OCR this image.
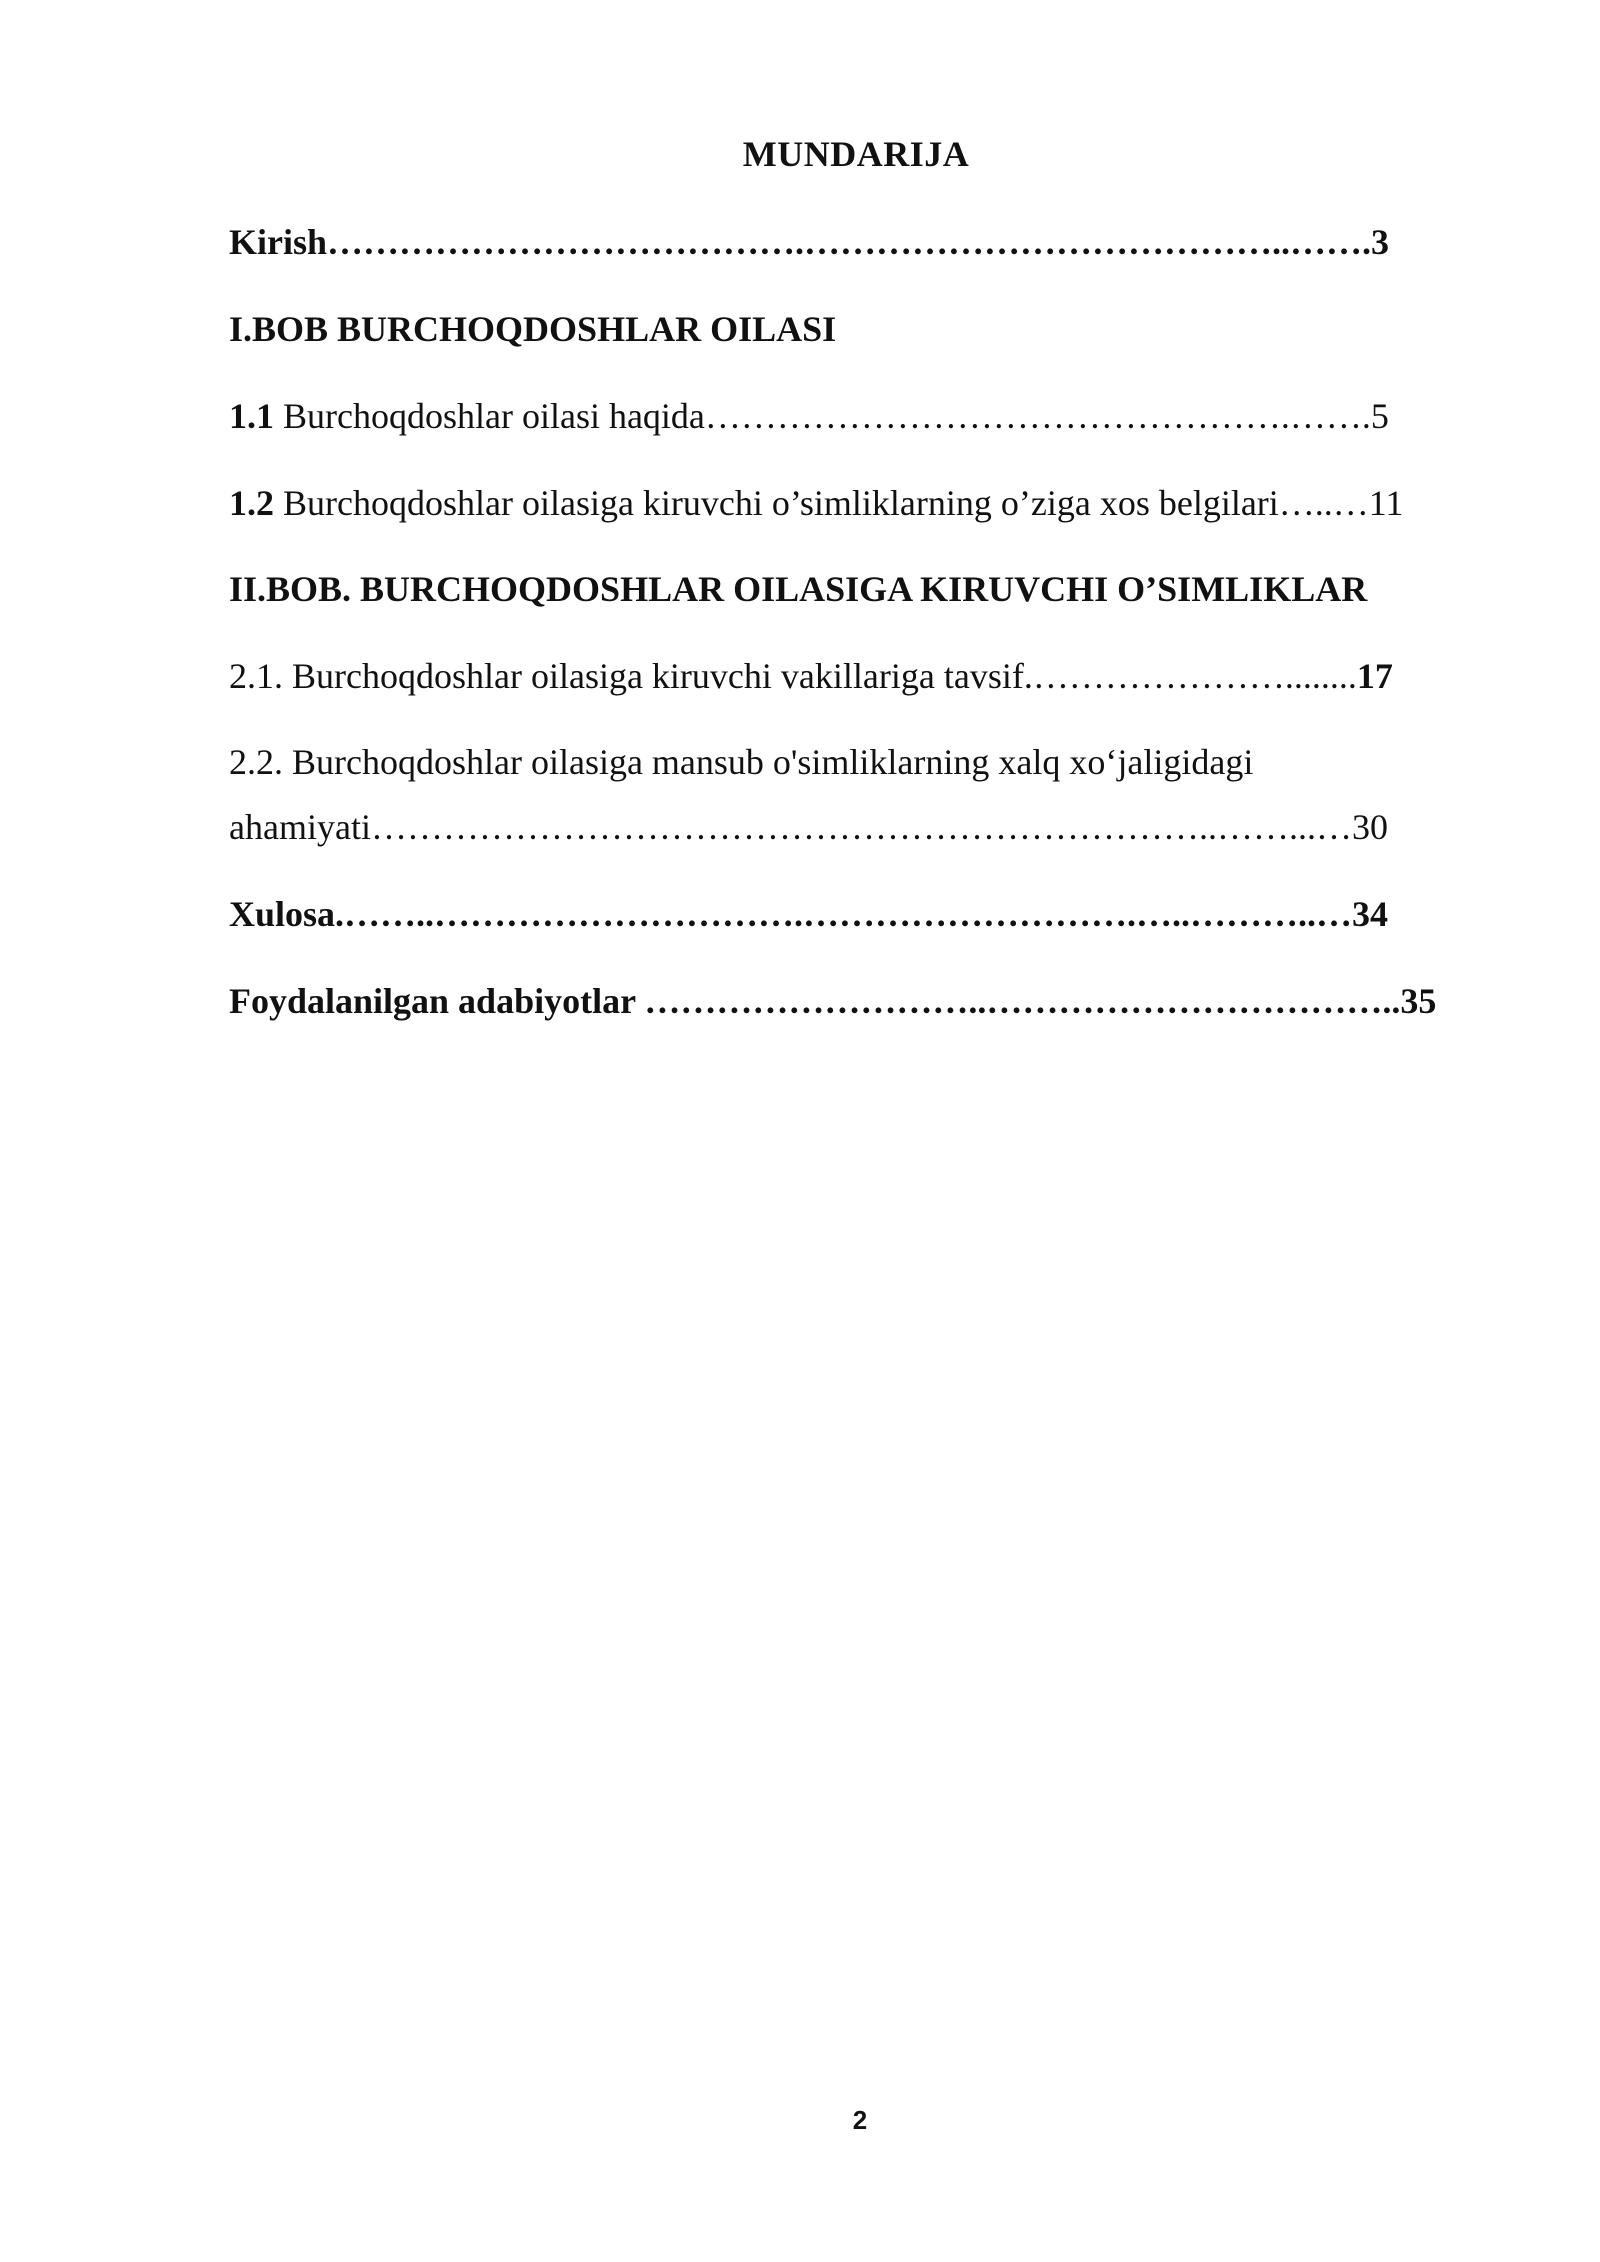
MUNDARIJA
Kirish………………………………….…………………………………..…….3
I.BOB BURCHOQDOSHLAR OILASI
1.1 Burchoqdoshlar oilasi haqida………………………………………….…….5
1.2 Burchoqdoshlar oilasiga kiruvchi o’simliklarning o’ziga xos belgilari…..…11
II.BOB. BURCHOQDOSHLAR OILASIGA KIRUVCHI O’SIMLIKLAR
2.1. Burchoqdoshlar oilasiga kiruvchi vakillariga tavsif.…………………........17
2.2. Burchoqdoshlar oilasiga mansub o'simliklarning xalq xo‘jaligidagi
ahamiyati……………………………………………………………..……...…30
Xulosa.……..………………………….……………………….…..………..…34
Foydalanilgan adabiyotlar ………………………..……………………………..35
2
